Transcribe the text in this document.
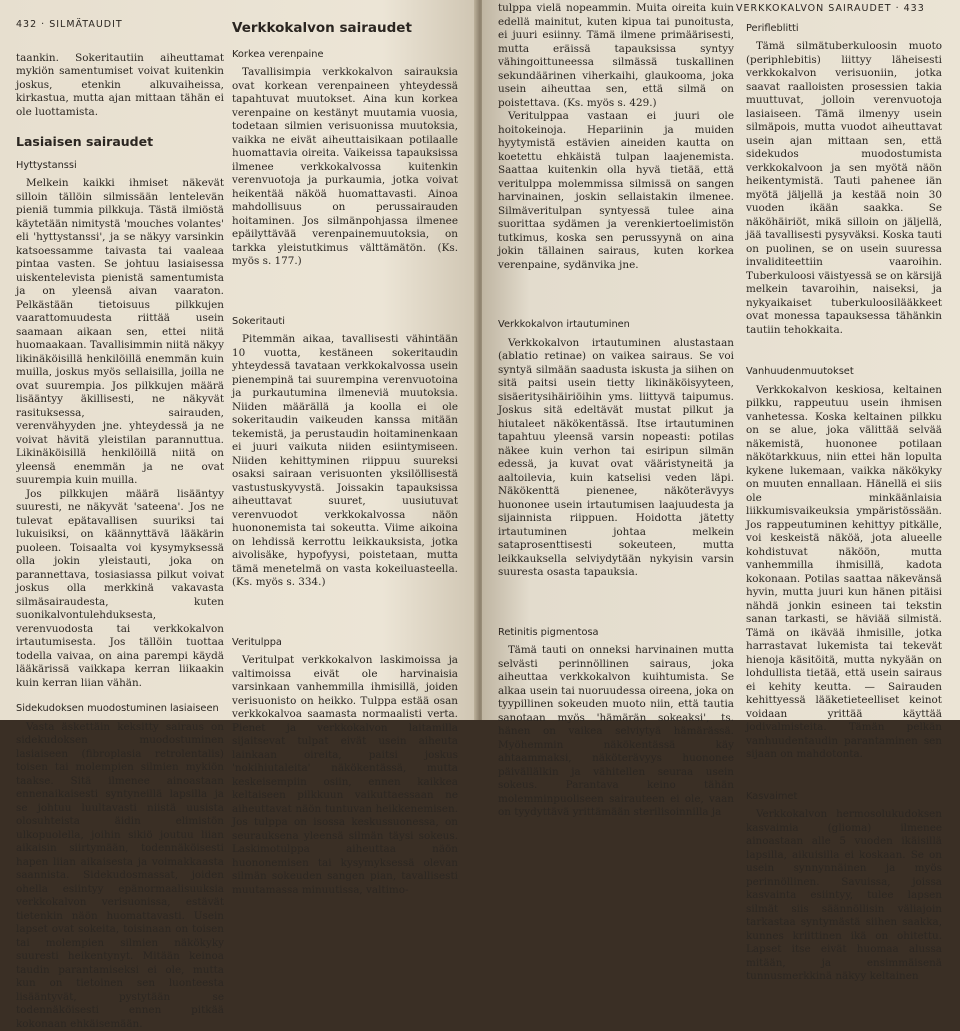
432 · SILMÄTAUDIT

taankin. Sokeritautiin aiheuttamat mykiön samentumiset voivat kuitenkin joskus, etenkin alkuvaiheissa, kirkastua, mutta ajan mittaan tähän ei ole luottamista.

Lasiaisen sairaudet
Hyttystanssi

Melkein kaikki ihmiset näkevät silloin tällöin silmissään lentelevän pieniä tummia pilkkuja. Tästä ilmiöstä käytetään nimitystä 'mouches volantes' eli 'hyttystanssi', ja se näkyy varsinkin katsoessamme taivasta tai vaaleaa pintaa vasten. Se johtuu lasiaisessa uiskentelevista pienistä samentumista ja on yleensä aivan vaaraton. Pelkästään tietoisuus pilkkujen vaarattomuudesta riittää usein saamaan aikaan sen, ettei niitä huomaakaan. Tavallisimmin niitä näkyy likinäköisillä henkilöillä enemmän kuin muilla, joskus myös sellaisilla, joilla ne ovat suurempia. Jos pilkkujen määrä lisääntyy äkillisesti, ne näkyvät rasituksessa, sairauden, verenvähyyden jne. yhteydessä ja ne voivat hävitä yleistilan parannuttua. Likinäköisillä henkilöillä niitä on yleensä enemmän ja ne ovat suurempia kuin muilla.

Jos pilkkujen määrä lisääntyy suuresti, ne näkyvät 'sateena'. Jos ne tulevat epätavallisen suuriksi tai lukuisiksi, on käännyttävä lääkärin puoleen. Toisaalta voi kysymyksessä olla jokin yleistauti, joka on parannettava, tosiasiassa pilkut voivat joskus olla merkkinä vakavasta silmäsairaudesta, kuten suonikalvontulehduksesta, verenvuodosta tai verkkokalvon irtautumisesta. Jos tällöin tuottaa todella vaivaa, on aina parempi käydä lääkärissä vaikkapa kerran liikaakin kuin kerran liian vähän.

Sidekudoksen muodostuminen lasiaiseen

Vasta äskettäin keksitty sairaus on sidekudoksen muodostuminen lasiaiseen (fibroplasia retrolentalis) toisen tai molempien silmien mykiön taakse. Sitä ilmenee ainoastaan ennenaikaisesti syntyneillä lapsilla ja se johtuu luultavasti niistä uusista olosuhteista äidin elimistön ulkopuolella, joihin sikiö joutuu liian aikaisin siirtymään, todennäköisesti hapen liian aikaisesta ja voimakkaasta saannista. Sidekudosmassat, joiden ohella esiintyy epänormaalisuuksia verkkokalvon verisuonissa, estävät tietenkin näön huomattavasti. Usein lapset ovat sokeita, toisinaan on toisen tai molempien silmien näkökyky suuresti heikentynyt. Mitään keinoa taudin parantamiseksi ei ole, mutta kun on tietoinen sen luonteesta lisääntyvät, pystytään se todennäköisesti ennen pitkää kokonaan ehkäisemään.

Verkkokalvon sairaudet
Korkea verenpaine

Tavallisimpia verkkokalvon sairauksia ovat korkean verenpaineen yhteydessä tapahtuvat muutokset. Aina kun korkea verenpaine on kestänyt muutamia vuosia, todetaan silmien verisuonissa muutoksia, vaikka ne eivät aiheuttaisikaan potilaalle huomattavia oireita. Vaikeissa tapauksissa ilmenee verkkokalvossa kuitenkin verenvuotoja ja purkaumia, jotka voivat heikentää näköä huomattavasti. Ainoa mahdollisuus on perussairauden hoitaminen. Jos silmänpohjassa ilmenee epäilyttävää verenpainemuutoksia, on tarkka yleistutkimus välttämätön. (Ks. myös s. 177.)

Sokeritauti

Pitemmän aikaa, tavallisesti vähintään 10 vuotta, kestäneen sokeritaudin yhteydessä tavataan verkkokalvossa usein pienempinä tai suurempina verenvuotoina ja purkautumina ilmeneviä muutoksia. Niiden määrällä ja koolla ei ole sokeritaudin vaikeuden kanssa mitään tekemistä, ja perustaudin hoitaminenkaan ei juuri vaikuta niiden esiintymiseen. Niiden kehittyminen riippuu suureksi osaksi sairaan verisuonten yksilöllisestä vastustuskyvystä. Joissakin tapauksissa aiheuttavat suuret, uusiutuvat verenvuodot verkkokalvossa näön huononemista tai sokeutta. Viime aikoina on lehdissä kerrottu leikkauksista, jotka aivolisäke, hypofyysi, poistetaan, mutta tämä menetelmä on vasta kokeiluasteella. (Ks. myös s. 334.)

Veritulppa

Veritulpat verkkokalvon laskimoissa ja valtimoissa eivät ole harvinaisia varsinkaan vanhemmilla ihmisillä, joiden verisuonisto on heikko. Tulppa estää osan verkkokalvoa saamasta normaalisti verta. Pienet ja verkkokalvon laitamilla sijaitsevat tulpat eivät usein aiheuta lainkaan oireita, paitsi joskus 'nokihiutaleita' näkökentässä, mutta keskeisempiin osiin, ennen kaikkea keltaiseen pilkkuun vaikuttaessaan ne aiheuttavat näön tuntuvan heikkenemisen. Jos tulppa on isossa keskussuonessa, on seurauksena yleensä silmän täysi sokeus. Laskimotulppa aiheuttaa näön huononemisen tai kysymyksessä olevan silmän sokeuden sangen pian, tavallisesti muutamassa minuutissa, valtimo-

tulppa vielä nopeammin. Muita oireita kuin edellä mainitut, kuten kipua tai punoitusta, ei juuri esiinny. Tämä ilmene primäärisesti, mutta eräissä tapauksissa syntyy vähingoittuneessa silmässä tuskallinen sekundäärinen viherkaihi, glaukooma, joka usein aiheuttaa sen, että silmä on poistettava. (Ks. myös s. 429.)

Veritulppaa vastaan ei juuri ole hoitokeinoja. Hepariinin ja muiden hyytymistä estävien aineiden kautta on koetettu ehkäistä tulpan laajenemista. Saattaa kuitenkin olla hyvä tietää, että veritulppa molemmissa silmissä on sangen harvinainen, joskin sellaistakin ilmenee. Silmäveritulpan syntyessä tulee aina suorittaa sydämen ja verenkiertoelimistön tutkimus, koska sen perussyynä on aina jokin tällainen sairaus, kuten korkea verenpaine, sydänvika jne.

Verkkokalvon irtautuminen

Verkkokalvon irtautuminen alustastaan (ablatio retinae) on vaikea sairaus. Se voi syntyä silmään saadusta iskusta ja siihen on sitä paitsi usein tietty likinäköisyyteen, sisäeritysihäiriöihin yms. liittyvä taipumus. Joskus sitä edeltävät mustat pilkut ja hiutaleet näkökentässä. Itse irtautuminen tapahtuu yleensä varsin nopeasti: potilas näkee kuin verhon tai esiripun silmän edessä, ja kuvat ovat vääristyneitä ja aaltoilevia, kuin katselisi veden läpi. Näkökenttä pienenee, näköterävyys huononee usein irtautumisen laajuudesta ja sijainnista riippuen. Hoidotta jätetty irtautuminen johtaa melkein sataprosenttisesti sokeuteen, mutta leikkauksella selviydytään nykyisin varsin suuresta osasta tapauksia.

Retinitis pigmentosa

Tämä tauti on onneksi harvinainen mutta selvästi perinnöllinen sairaus, joka aiheuttaa verkkokalvon kuihtumista. Se alkaa usein tai nuoruudessa oireena, joka on tyypillinen sokeuden muoto niin, että tautia sanotaan myös 'hämärän sokeaksi', ts. hänen on vaikea selviytyä hämärässä. Myöhemmin näkökentässä käy ahtaammaksi, näköterävyys huononee päivällälkin ja vähitellen seuraa usein sokeus. Parantava keino tähän molemminpuoliseen sairauteen ei ole, vaan on tyydyttävä yrittämään sterilisoinnilla ja

VERKKOKALVON SAIRAUDET · 433
Perifleblitti

Tämä silmätuberkuloosin muoto (periphlebitis) liittyy läheisesti verkkokalvon verisuoniin, jotka saavat raalloisten prosessien takia muuttuvat, jolloin verenvuotoja lasiaiseen. Tämä ilmenyy usein silmäpois, mutta vuodot aiheuttavat usein ajan mittaan sen, että sidekudos muodostumista verkkokalvoon ja sen myötä näön heikentymistä. Tauti pahenee iän myötä jäljellä ja kestää noin 30 vuoden ikään saakka. Se näköhäiriöt, mikä silloin on jäljellä, jää tavallisesti pysyväksi. Koska tauti on puolinen, se on usein suuressa invaliditeettiin vaaroihin. Tuberkuloosi väistyessä se on kärsijä melkein tavaroihin, naiseksi, ja nykyaikaiset tuberkuloosilääkkeet ovat monessa tapauksessa tähänkin tautiin tehokkaita.

Vanhuudenmuutokset

Verkkokalvon keskiosa, keltainen pilkku, rappeutuu usein ihmisen vanhetessa. Koska keltainen pilkku on se alue, joka välittää selvää näkemistä, huononee potilaan näkötarkkuus, niin ettei hän lopulta kykene lukemaan, vaikka näkökyky on muuten ennallaan. Hänellä ei siis ole minkäänlaisia liikkumisvaikeuksia ympäristössään. Jos rappeutuminen kehittyy pitkälle, voi keskeistä näköä, jota alueelle kohdistuvat näköön, mutta vanhemmilla ihmisillä, kadota kokonaan. Potilas saattaa näkevänsä hyvin, mutta juuri kun hänen pitäisi nähdä jonkin esineen tai tekstin sanan tarkasti, se häviää silmistä. Tämä on ikävää ihmisille, jotka harrastavat lukemista tai tekevät hienoja käsitöitä, mutta nykyään on lohdullista tietää, että usein sairaus ei kehity keutta. — Sairauden kehittyessä lääketieteelliset keinot voidaan yrittää käyttää jodivalmisteita. Tämän pelkän vanhuudentaudin parantaminen sen sijaan on mahdotonta.

Kasvaimet

Verkkokalvon hermosolukudoksen kasvaimia (glioma) ilmenee ainoastaan alle 5 vuoden ikäisillä lapsilla, aikuisilla ei koskaan. Se on usein synnynnäinen ja myös perinnöllinen. Savuissa, joissa kasvainta esiintyy, tulee lapsen silmät siis säännöllisin väliajoin tarkastaa syntymästä siihen saakka, kunnes kriittinen ikä on ohitettu. Lapset itse eivät huomaa alussa mitään, ja ensimmäisenä tunnusmerkkinä näkyy keltainen
